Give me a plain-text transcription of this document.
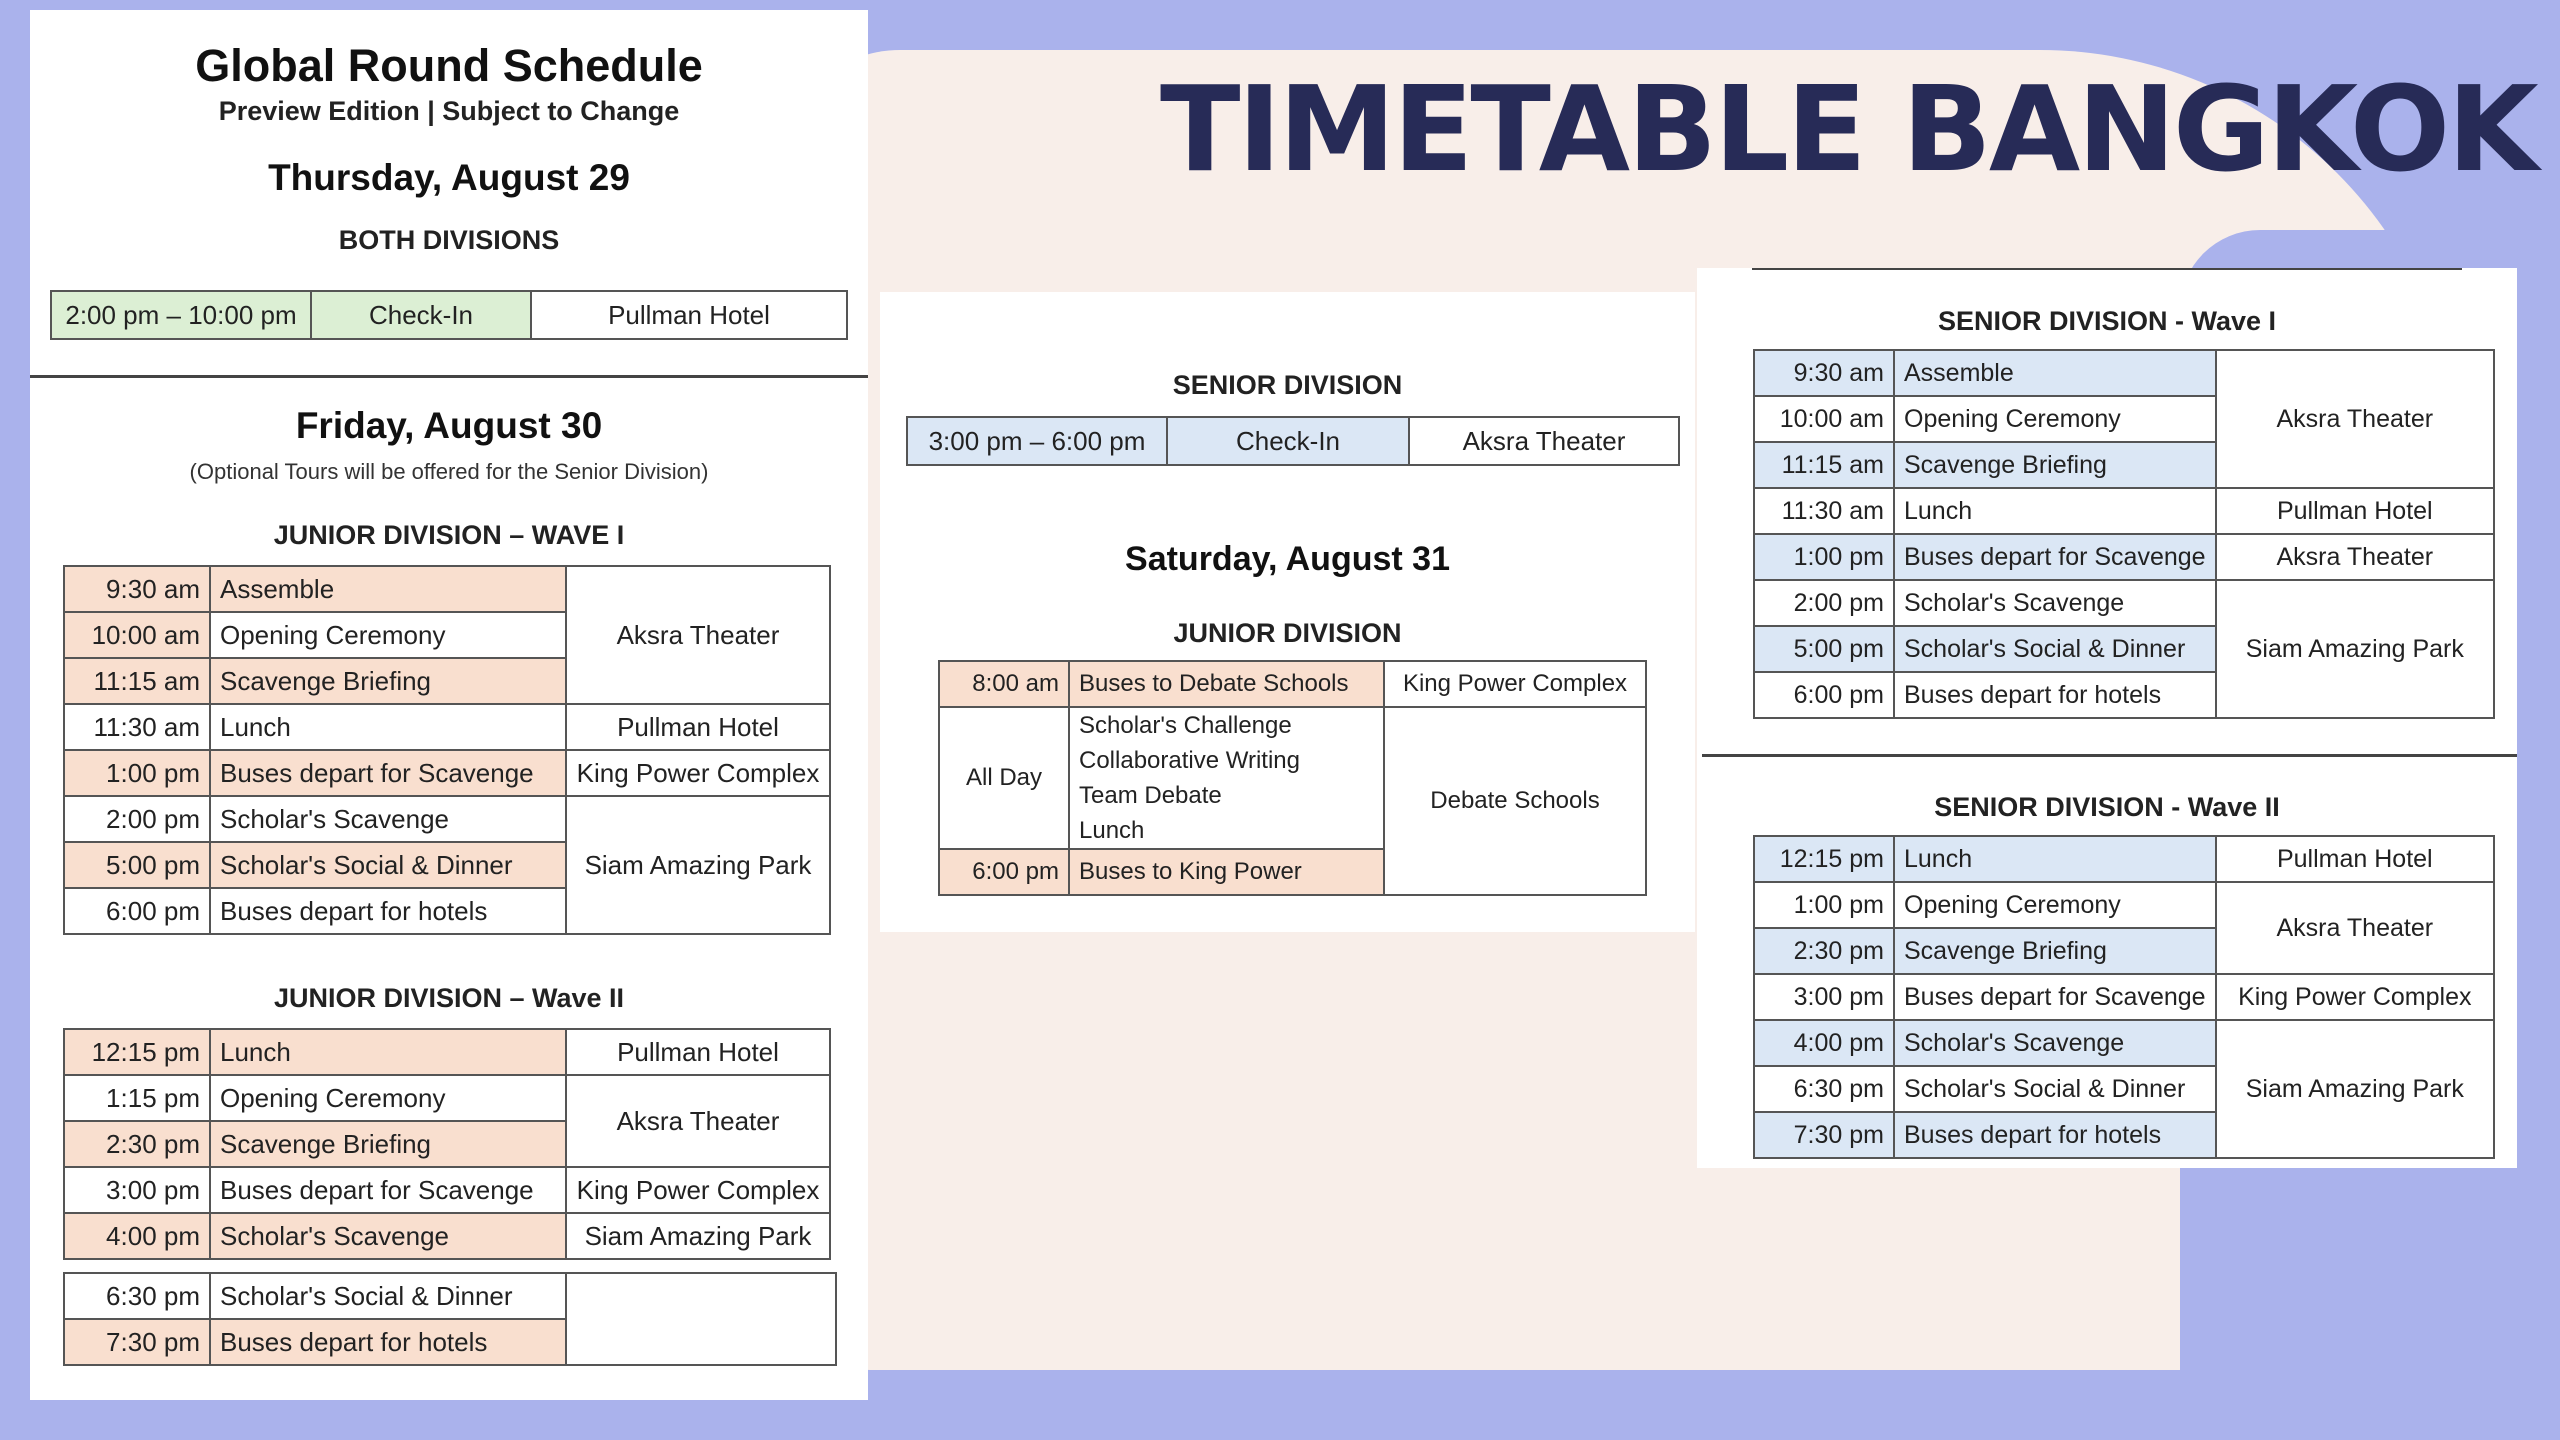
TIMETABLE BANGKOK
Global Round Schedule
Preview Edition | Subject to Change
Thursday, August 29
BOTH DIVISIONS
2:00 pm – 10:00 pm	Check-In	Pullman Hotel
Friday, August 30
(Optional Tours will be offered for the Senior Division)
JUNIOR DIVISION – WAVE I
9:30 am	Assemble	Aksra Theater
10:00 am	Opening Ceremony	
11:15 am	Scavenge Briefing	
11:30 am	Lunch	Pullman Hotel
1:00 pm	Buses depart for Scavenge	King Power Complex
2:00 pm	Scholar's Scavenge	Siam Amazing Park
5:00 pm	Scholar's Social & Dinner	
6:00 pm	Buses depart for hotels	
JUNIOR DIVISION – Wave II
12:15 pm	Lunch	Pullman Hotel
1:15 pm	Opening Ceremony	Aksra Theater
2:30 pm	Scavenge Briefing	
3:00 pm	Buses depart for Scavenge	King Power Complex
4:00 pm	Scholar's Scavenge	Siam Amazing Park
6:30 pm	Scholar's Social & Dinner	
7:30 pm	Buses depart for hotels	
SENIOR DIVISION
3:00 pm – 6:00 pm	Check-In	Aksra Theater
Saturday, August 31
JUNIOR DIVISION
8:00 am	Buses to Debate Schools	King Power Complex
All Day	Scholar's Challenge
Collaborative Writing
Team Debate
Lunch	Debate Schools
6:00 pm	Buses to King Power	
SENIOR DIVISION - Wave I
9:30 am	Assemble	Aksra Theater
10:00 am	Opening Ceremony	
11:15 am	Scavenge Briefing	
11:30 am	Lunch	Pullman Hotel
1:00 pm	Buses depart for Scavenge	Aksra Theater
2:00 pm	Scholar's Scavenge	Siam Amazing Park
5:00 pm	Scholar's Social & Dinner	
6:00 pm	Buses depart for hotels	
SENIOR DIVISION - Wave II
12:15 pm	Lunch	Pullman Hotel
1:00 pm	Opening Ceremony	Aksra Theater
2:30 pm	Scavenge Briefing	
3:00 pm	Buses depart for Scavenge	King Power Complex
4:00 pm	Scholar's Scavenge	Siam Amazing Park
6:30 pm	Scholar's Social & Dinner	
7:30 pm	Buses depart for hotels	
